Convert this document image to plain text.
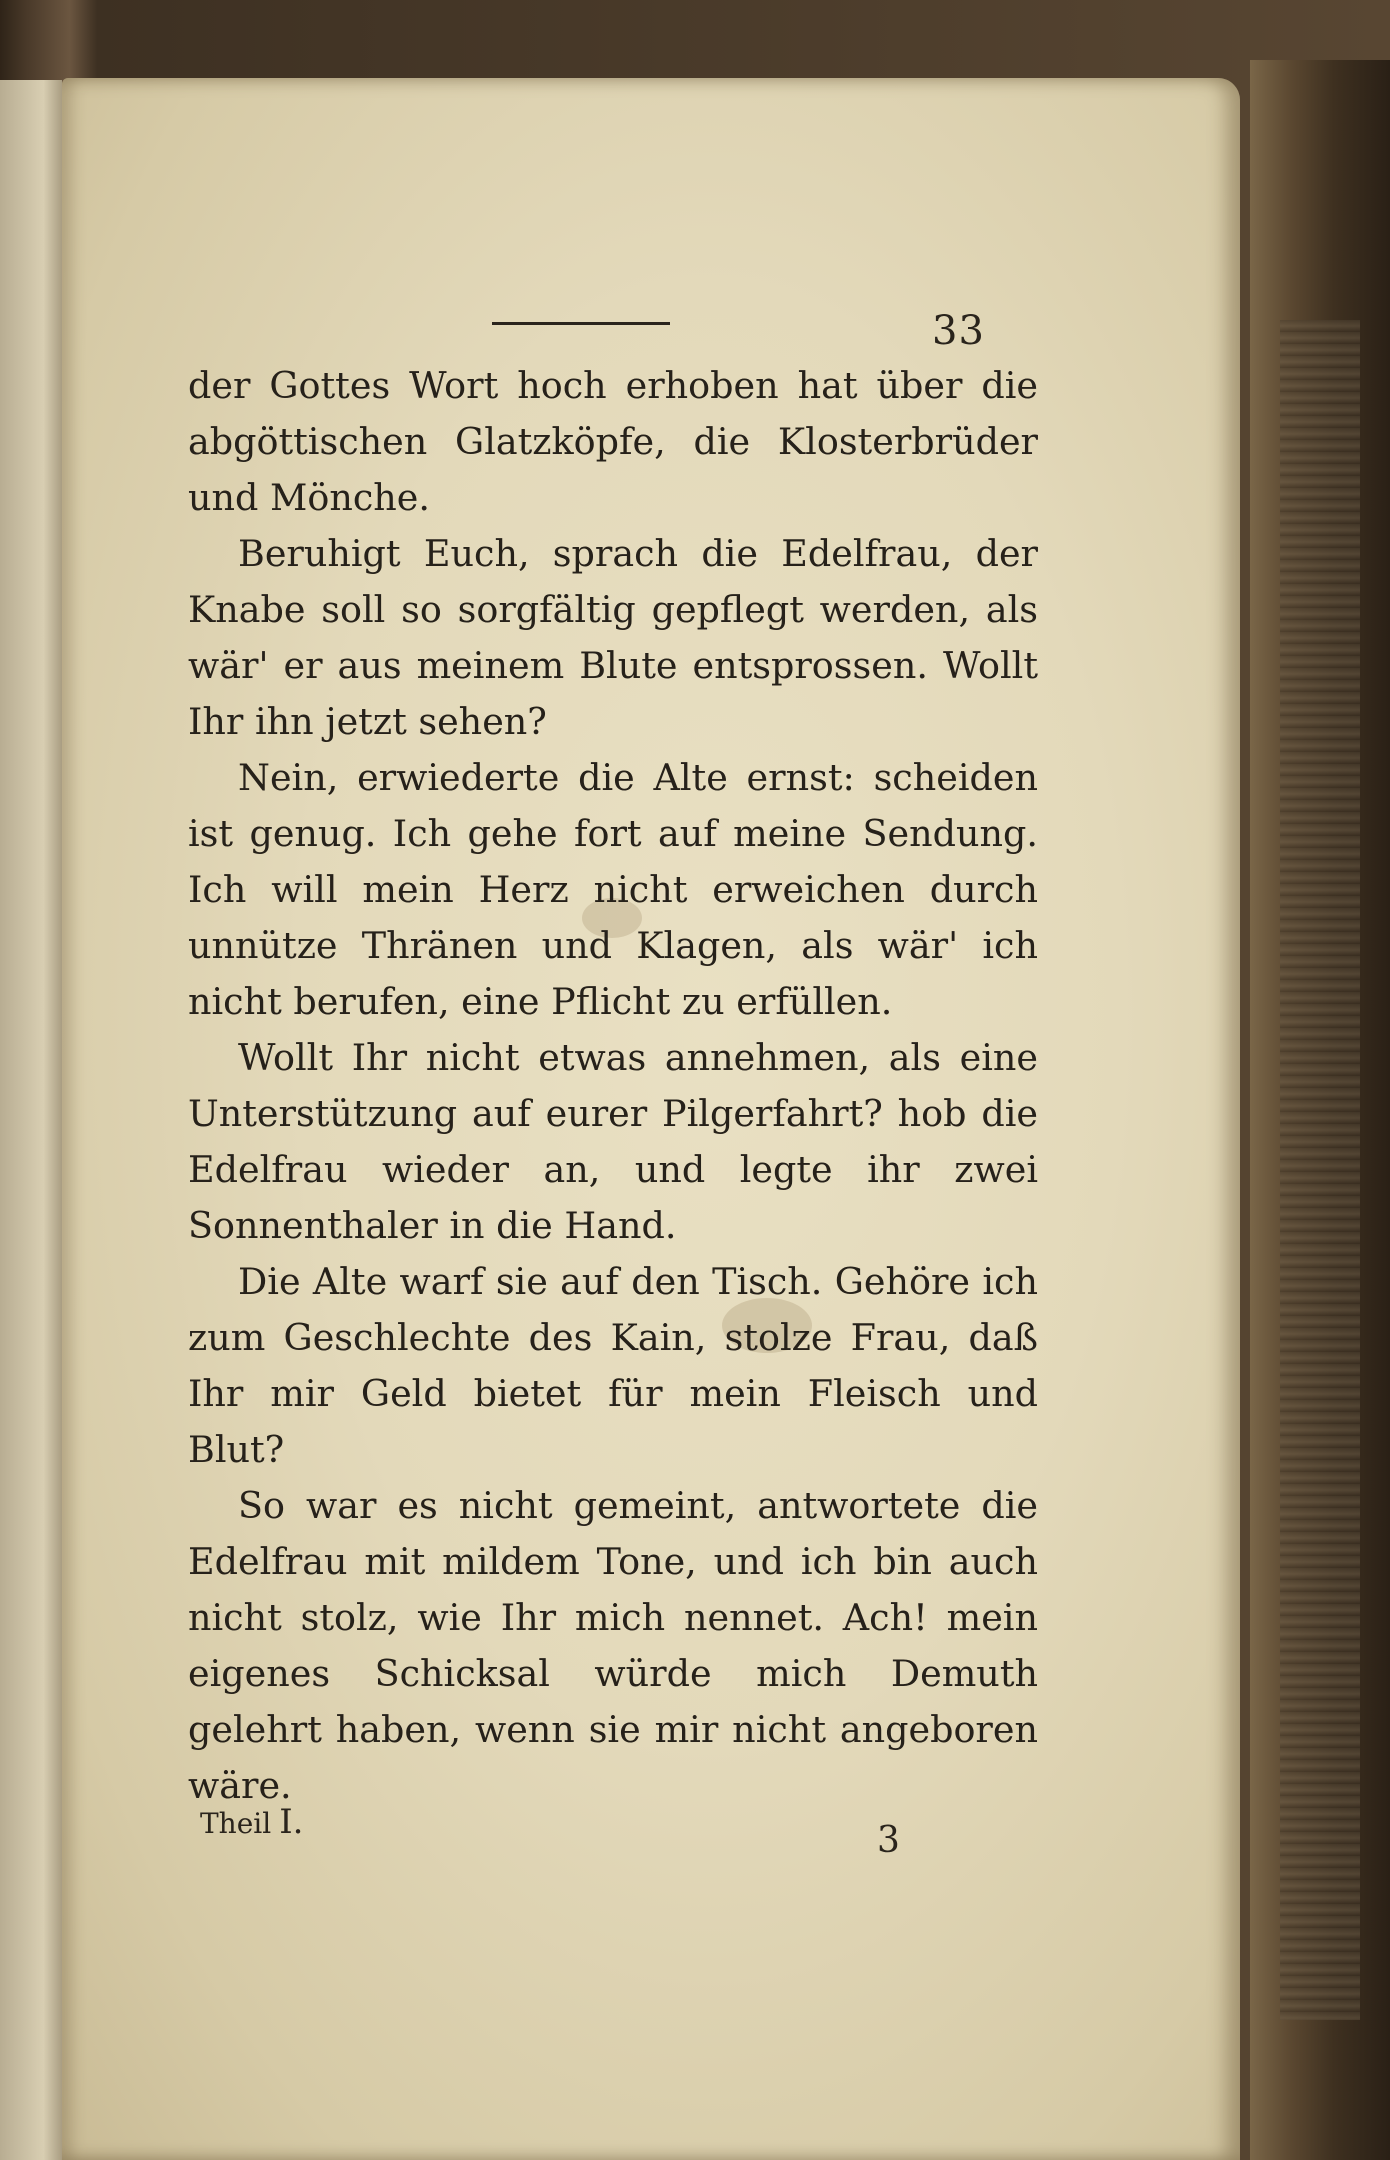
33

der Gottes Wort hoch erhoben hat über die abgöttischen Glatzköpfe, die Klosterbrüder und Mönche.

Beruhigt Euch, sprach die Edelfrau, der Knabe soll so sorgfältig gepflegt werden, als wär' er aus meinem Blute entsprossen. Wollt Ihr ihn jetzt sehen?

Nein, erwiederte die Alte ernst: scheiden ist genug. Ich gehe fort auf meine Sendung. Ich will mein Herz nicht erweichen durch unnütze Thränen und Klagen, als wär' ich nicht berufen, eine Pflicht zu erfüllen.

Wollt Ihr nicht etwas annehmen, als eine Unterstützung auf eurer Pilgerfahrt? hob die Edelfrau wieder an, und legte ihr zwei Sonnenthaler in die Hand.

Die Alte warf sie auf den Tisch. Gehöre ich zum Geschlechte des Kain, stolze Frau, daß Ihr mir Geld bietet für mein Fleisch und Blut?

So war es nicht gemeint, antwortete die Edelfrau mit mildem Tone, und ich bin auch nicht stolz, wie Ihr mich nennet. Ach! mein eigenes Schicksal würde mich Demuth gelehrt haben, wenn sie mir nicht angeboren wäre.

Theil I.	3
